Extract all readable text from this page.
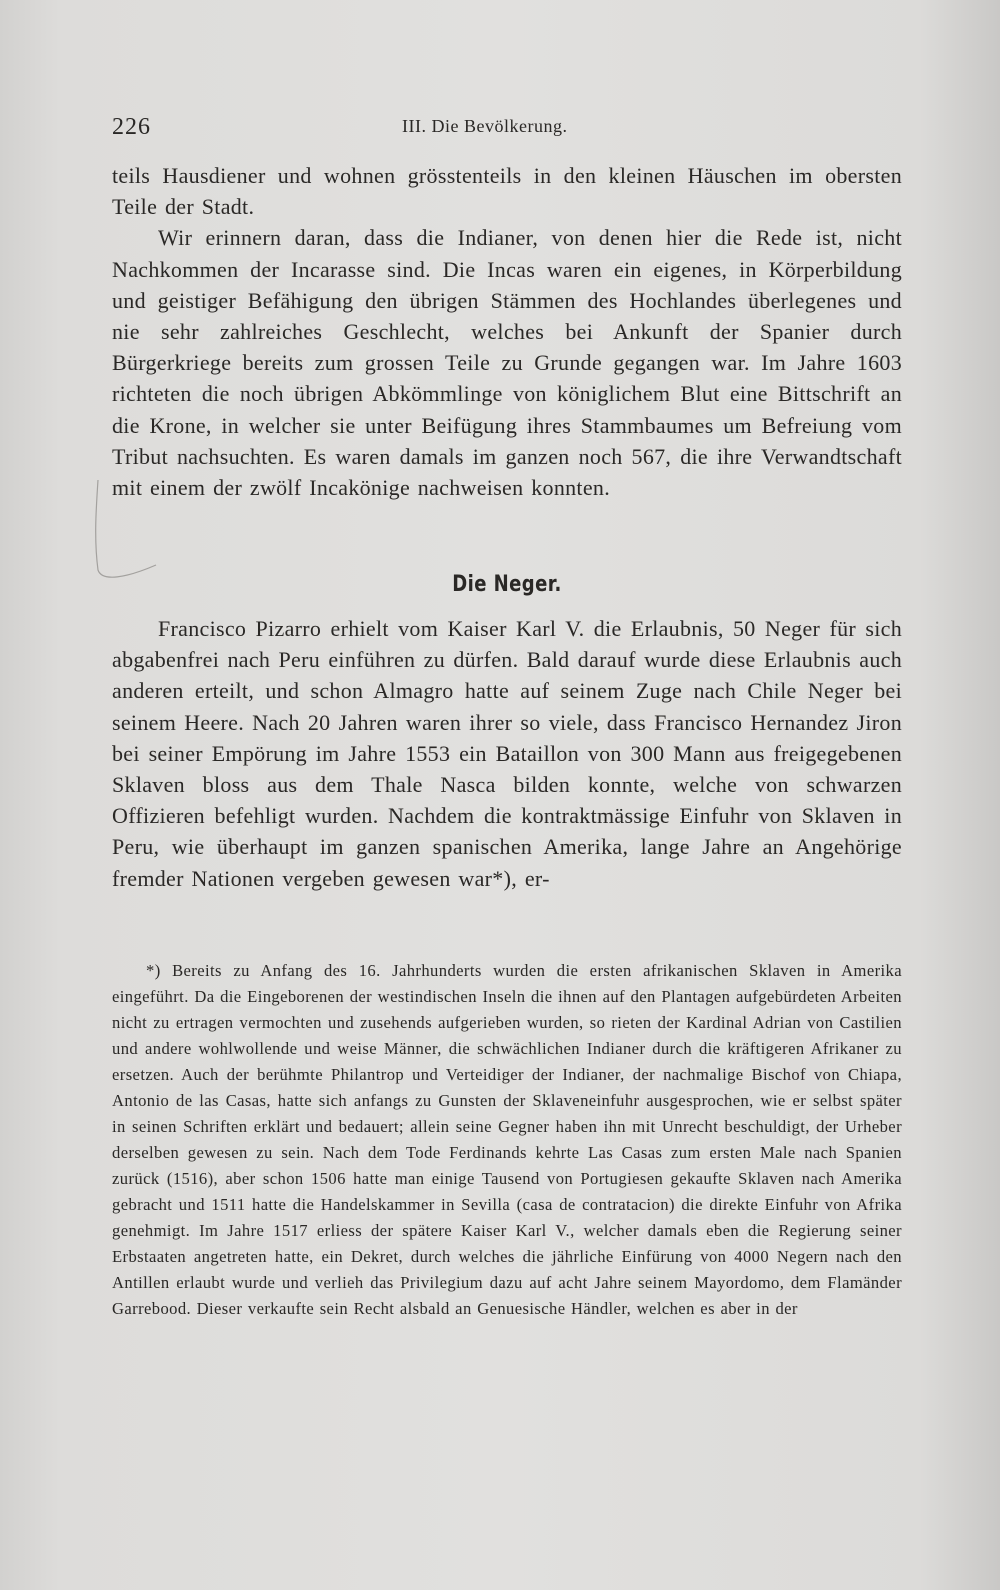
226	III. Die Bevölkerung.

teils Hausdiener und wohnen grösstenteils in den kleinen Häuschen im obersten Teile der Stadt.

Wir erinnern daran, dass die Indianer, von denen hier die Rede ist, nicht Nachkommen der Incarasse sind. Die Incas waren ein eigenes, in Körperbildung und geistiger Befähigung den übrigen Stämmen des Hochlandes überlegenes und nie sehr zahlreiches Geschlecht, welches bei Ankunft der Spanier durch Bürgerkriege bereits zum grossen Teile zu Grunde gegangen war. Im Jahre 1603 richteten die noch übrigen Abkömmlinge von königlichem Blut eine Bittschrift an die Krone, in welcher sie unter Beifügung ihres Stammbaumes um Befreiung vom Tribut nachsuchten. Es waren damals im ganzen noch 567, die ihre Verwandtschaft mit einem der zwölf Incakönige nachweisen konnten.

Die Neger.

Francisco Pizarro erhielt vom Kaiser Karl V. die Erlaubnis, 50 Neger für sich abgabenfrei nach Peru einführen zu dürfen. Bald darauf wurde diese Erlaubnis auch anderen erteilt, und schon Almagro hatte auf seinem Zuge nach Chile Neger bei seinem Heere. Nach 20 Jahren waren ihrer so viele, dass Francisco Hernandez Jiron bei seiner Empörung im Jahre 1553 ein Bataillon von 300 Mann aus freigegebenen Sklaven bloss aus dem Thale Nasca bilden konnte, welche von schwarzen Offizieren befehligt wurden. Nachdem die kontraktmässige Einfuhr von Sklaven in Peru, wie überhaupt im ganzen spanischen Amerika, lange Jahre an Angehörige fremder Nationen vergeben gewesen war*), er-

*) Bereits zu Anfang des 16. Jahrhunderts wurden die ersten afrikanischen Sklaven in Amerika eingeführt. Da die Eingeborenen der westindischen Inseln die ihnen auf den Plantagen aufgebürdeten Arbeiten nicht zu ertragen vermochten und zusehends aufgerieben wurden, so rieten der Kardinal Adrian von Castilien und andere wohlwollende und weise Männer, die schwächlichen Indianer durch die kräftigeren Afrikaner zu ersetzen. Auch der berühmte Philantrop und Verteidiger der Indianer, der nachmalige Bischof von Chiapa, Antonio de las Casas, hatte sich anfangs zu Gunsten der Sklaveneinfuhr ausgesprochen, wie er selbst später in seinen Schriften erklärt und bedauert; allein seine Gegner haben ihn mit Unrecht beschuldigt, der Urheber derselben gewesen zu sein. Nach dem Tode Ferdinands kehrte Las Casas zum ersten Male nach Spanien zurück (1516), aber schon 1506 hatte man einige Tausend von Portugiesen gekaufte Sklaven nach Amerika gebracht und 1511 hatte die Handelskammer in Sevilla (casa de contratacion) die direkte Einfuhr von Afrika genehmigt. Im Jahre 1517 erliess der spätere Kaiser Karl V., welcher damals eben die Regierung seiner Erbstaaten angetreten hatte, ein Dekret, durch welches die jährliche Einfürung von 4000 Negern nach den Antillen erlaubt wurde und verlieh das Privilegium dazu auf acht Jahre seinem Mayordomo, dem Flamänder Garrebood. Dieser verkaufte sein Recht alsbald an Genuesische Händler, welchen es aber in der
